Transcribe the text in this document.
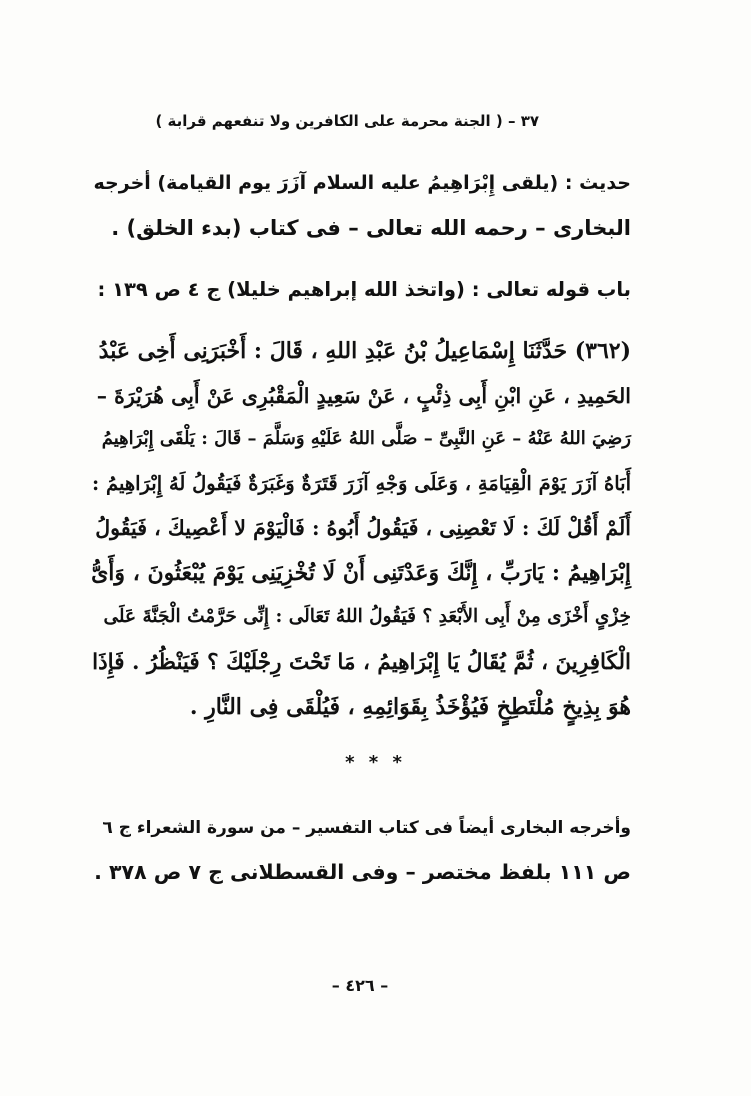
٣٧ – ( الجنة محرمة على الكافرين ولا تنفعهم قرابة )
حديث : (يلقى إِبْرَاهِيمُ عليه السلام آزَرَ يوم القيامة) أخرجه
البخارى – رحمه الله تعالى – فى كتاب (بدء الخلق) .
باب قوله تعالى : (واتخذ الله إبراهيم خليلا) ج ٤ ص ١٣٩ :
(٣٦٢) حَدَّثَنَا إِسْمَاعِيلُ بْنُ عَبْدِ اللهِ ، قَالَ : أَخْبَرَنِى أَخِى عَبْدُ
الحَمِيدِ ، عَنِ ابْنِ أَبِى ذِئْبٍ ، عَنْ سَعِيدٍ الْمَقْبُرِى عَنْ أَبِى هُرَيْرَةَ –
رَضِيَ اللهُ عَنْهُ – عَنِ النَّبِىِّ – صَلَّى اللهُ عَلَيْهِ وَسَلَّمَ – قَالَ : يَلْقَى إِبْرَاهِيمُ
أَبَاهُ آزَرَ يَوْمَ الْقِيَامَةِ ، وَعَلَى وَجْهِ آزَرَ قَتَرَةٌ وَغَبَرَةٌ فَيَقُولُ لَهُ إِبْرَاهِيمُ :
أَلَمْ أَقُلْ لَكَ : لَا تَعْصِنِى ، فَيَقُولُ أَبُوهُ : فَالْيَوْمَ لا أَعْصِيكَ ، فَيَقُولُ
إِبْرَاهِيمُ : يَارَبِّ ، إِنَّكَ وَعَدْتَنِى أَنْ لَا تُخْزِيَنِى يَوْمَ يُبْعَثُونَ ، وَأَىُّ
خِزْىٍ أَخْزَى مِنْ أَبِى الأَبْعَدِ ؟ فَيَقُولُ اللهُ تَعَالَى : إِنِّى حَرَّمْتُ الْجَنَّةَ عَلَى
الْكَافِرِينَ ، ثُمَّ يُقَالُ يَا إِبْرَاهِيمُ ، مَا تَحْتَ رِجْلَيْكَ ؟ فَيَنْظُرُ . فَإِذَا
هُوَ بِذِيخٍ مُلْتَطِخٍ فَيُؤْخَذُ بِقَوَائِمِهِ ، فَيُلْقَى فِى النَّارِ .
* * *
وأخرجه البخارى أيضاً فى كتاب التفسير – من سورة الشعراء ج ٦
ص ١١١ بلفظ مختصر – وفى القسطلانى ج ٧ ص ٣٧٨ .
– ٤٢٦ –
